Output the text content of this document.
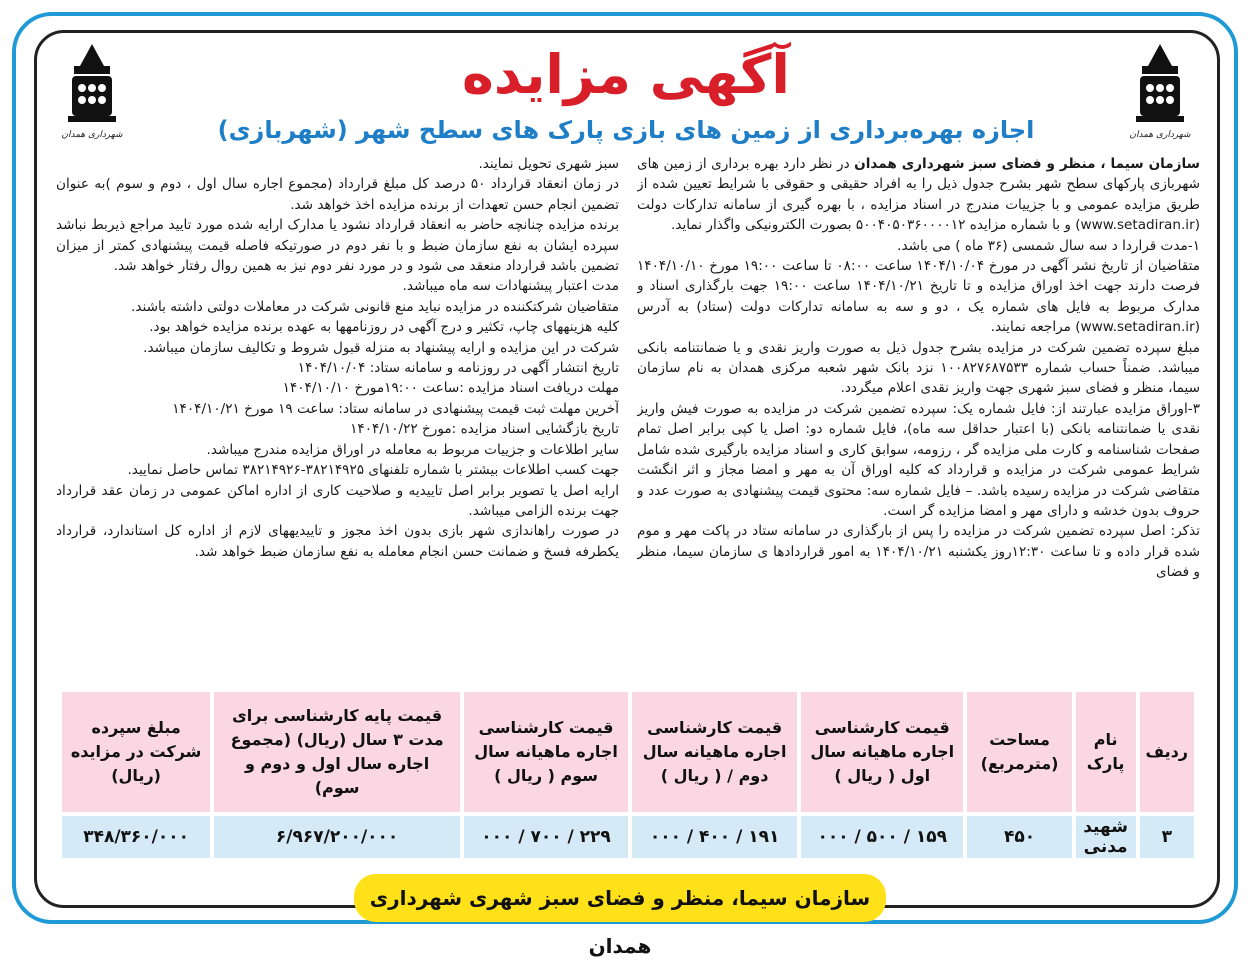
شهرداری همدان	شهرداری همدان
آگهی مزایده
اجازه بهره‌برداری از زمین های بازی پارک های سطح شهر (شهربازی)

سازمان سیما ، منظر و فضای سبز شهرداری همدان در نظر دارد بهره برداری از زمین های شهربازی پارکهای سطح شهر بشرح جدول ذیل را به افراد حقیقی و حقوقی با شرایط تعیین شده از طریق مزایده عمومی و با جزییات مندرج در اسناد مزایده ، با بهره گیری از سامانه تدارکات دولت (www.setadiran.ir) و با شماره مزایده ۵۰۰۴۰۵۰۳۶۰۰۰۰۱۲ بصورت الکترونیکی واگذار نماید.

۱-مدت قراردا د سه سال شمسی (۳۶ ماه ) می باشد.

متقاضیان از تاریخ نشر آگهی در مورخ ۱۴۰۴/۱۰/۰۴ ساعت ۰۸:۰۰ تا ساعت ۱۹:۰۰ مورخ ۱۴۰۴/۱۰/۱۰ فرصت دارند جهت اخذ اوراق مزایده و تا تاریخ ۱۴۰۴/۱۰/۲۱ ساعت ۱۹:۰۰ جهت بارگذاری اسناد و مدارک مربوط به فایل های شماره یک ، دو و سه به سامانه تدارکات دولت (ستاد) به آدرس (www.setadiran.ir) مراجعه نمایند.

مبلغ سپرده تضمین شرکت در مزایده بشرح جدول ذیل به صورت واریز نقدی و یا ضمانتنامه بانکی میباشد. ضمناً حساب شماره ۱۰۰۸۲۷۶۸۷۵۳۳ نزد بانک شهر شعبه مرکزی همدان به نام سازمان سیما، منظر و فضای سبز شهری جهت واریز نقدی اعلام میگردد.

۳-اوراق مزایده عبارتند از: فایل شماره یک: سپرده تضمین شرکت در مزایده به صورت فیش واریز نقدی یا ضمانتنامه بانکی (با اعتبار حداقل سه ماه)، فایل شماره دو: اصل یا کپی برابر اصل تمام صفحات شناسنامه و کارت ملی مزایده گر ، رزومه، سوابق کاری و اسناد مزایده بارگیری شده شامل شرایط عمومی شرکت در مزایده و قرارداد که کلیه اوراق آن به مهر و امضا مجاز و اثر انگشت متقاضی شرکت در مزایده رسیده باشد. – فایل شماره سه: محتوی قیمت پیشنهادی به صورت عدد و حروف بدون خدشه و دارای مهر و امضا مزایده گر است.

تذکر: اصل سپرده تضمین شرکت در مزایده را پس از بارگذاری در سامانه ستاد در پاکت مهر و موم شده قرار داده و تا ساعت ۱۲:۳۰روز یکشنبه ۱۴۰۴/۱۰/۲۱ به امور قراردادها ی سازمان سیما، منظر و فضای

سبز شهری تحویل نمایند.

در زمان انعقاد قرارداد ۵۰ درصد کل مبلغ قرارداد (مجموع اجاره سال اول ، دوم و سوم )به عنوان تضمین انجام حسن تعهدات از برنده مزایده اخذ خواهد شد.

برنده مزایده چنانچه حاضر به انعقاد قرارداد نشود یا مدارک ارایه شده مورد تایید مراجع ذیربط نباشد سپرده ایشان به نفع سازمان ضبط و با نفر دوم در صورتیکه فاصله قیمت پیشنهادی کمتر از میزان تضمین باشد قرارداد منعقد می شود و در مورد نفر دوم نیز به همین روال رفتار خواهد شد.

مدت اعتبار پیشنهادات سه ماه میباشد.

متقاضیان شرکتکننده در مزایده نباید منع قانونی شرکت در معاملات دولتی داشته باشند.

کلیه هزینههای چاپ، تکثیر و درج آگهی در روزنامهها به عهده برنده مزایده خواهد بود.

شرکت در این مزایده و ارایه پیشنهاد به منزله قبول شروط و تکالیف سازمان میباشد.

تاریخ انتشار آگهی در روزنامه و سامانه ستاد: ۱۴۰۴/۱۰/۰۴

مهلت دریافت اسناد مزایده :ساعت ۱۹:۰۰مورخ ۱۴۰۴/۱۰/۱۰

آخرین مهلت ثبت قیمت پیشنهادی در سامانه ستاد: ساعت ۱۹ مورخ ۱۴۰۴/۱۰/۲۱

تاریخ بازگشایی اسناد مزایده :مورخ ۱۴۰۴/۱۰/۲۲

سایر اطلاعات و جزییات مربوط به معامله در اوراق مزایده مندرج میباشد.

جهت کسب اطلاعات بیشتر با شماره تلفنهای ۳۸۲۱۴۹۲۵-۳۸۲۱۴۹۲۶ تماس حاصل نمایید.

ارایه اصل یا تصویر برابر اصل تاییدیه و صلاحیت کاری از اداره اماکن عمومی در زمان عقد قرارداد جهت برنده الزامی میباشد.

در صورت راهاندازی شهر بازی بدون اخذ مجوز و تاییدیههای لازم از اداره کل استاندارد، قرارداد یکطرفه فسخ و ضمانت حسن انجام معامله به نفع سازمان ضبط خواهد شد.

ردیف	نام پارک	مساحت (مترمربع)	قیمت کارشناسی اجاره ماهیانه سال اول ( ریال )	قیمت کارشناسی اجاره ماهیانه سال دوم / ( ریال )	قیمت کارشناسی اجاره ماهیانه سال سوم ( ریال )	قیمت پایه کارشناسی برای مدت ۳ سال (ریال) (مجموع اجاره سال اول و دوم و سوم)	مبلغ سپرده شرکت در مزایده (ریال)
۳	شهید مدنی	۴۵۰	۱۵۹ / ۵۰۰ / ۰۰۰	۱۹۱ / ۴۰۰ / ۰۰۰	۲۲۹ / ۷۰۰ / ۰۰۰	۶/۹۶۷/۲۰۰/۰۰۰	۳۴۸/۳۶۰/۰۰۰
سازمان سیما، منظر و فضای سبز شهری شهرداری همدان
